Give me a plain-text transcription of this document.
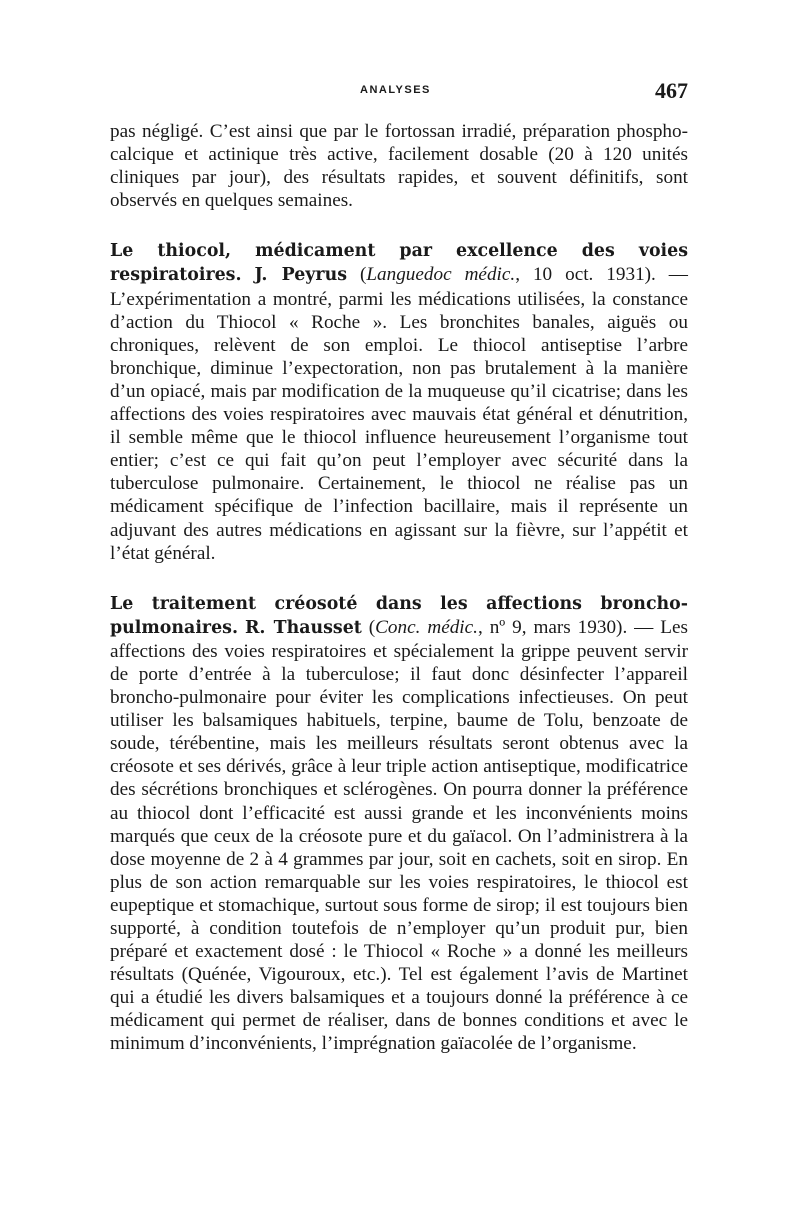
ANALYSES	467

pas négligé. C’est ainsi que par le fortossan irradié, préparation phospho-calcique et actinique très active, facilement dosable (20 à 120 unités cliniques par jour), des résultats rapides, et souvent définitifs, sont observés en quelques semaines.

Le thiocol, médicament par excellence des voies respiratoires. J. Peyrus (Languedoc médic., 10 oct. 1931). — L’expérimentation a montré, parmi les médications utilisées, la constance d’action du Thiocol « Roche ». Les bronchites banales, aiguës ou chroniques, relèvent de son emploi. Le thiocol antiseptise l’arbre bronchique, diminue l’expectoration, non pas brutalement à la manière d’un opiacé, mais par modification de la muqueuse qu’il cicatrise; dans les affections des voies respiratoires avec mauvais état général et dénutrition, il semble même que le thiocol influence heureusement l’organisme tout entier; c’est ce qui fait qu’on peut l’employer avec sécurité dans la tuberculose pulmonaire. Certainement, le thiocol ne réalise pas un médicament spécifique de l’infection bacillaire, mais il représente un adjuvant des autres médications en agissant sur la fièvre, sur l’appétit et l’état général.

Le traitement créosoté dans les affections broncho-pulmonaires. R. Thausset (Conc. médic., nº 9, mars 1930). — Les affections des voies respiratoires et spécialement la grippe peuvent servir de porte d’entrée à la tuberculose; il faut donc désinfecter l’appareil broncho-pulmonaire pour éviter les complications infectieuses. On peut utiliser les balsamiques habituels, terpine, baume de Tolu, benzoate de soude, térébentine, mais les meilleurs résultats seront obtenus avec la créosote et ses dérivés, grâce à leur triple action antiseptique, modificatrice des sécrétions bronchiques et sclérogènes. On pourra donner la préférence au thiocol dont l’efficacité est aussi grande et les inconvénients moins marqués que ceux de la créosote pure et du gaïacol. On l’administrera à la dose moyenne de 2 à 4 grammes par jour, soit en cachets, soit en sirop. En plus de son action remarquable sur les voies respiratoires, le thiocol est eupeptique et stomachique, surtout sous forme de sirop; il est toujours bien supporté, à condition toutefois de n’employer qu’un produit pur, bien préparé et exactement dosé : le Thiocol « Roche » a donné les meilleurs résultats (Quénée, Vigouroux, etc.). Tel est également l’avis de Martinet qui a étudié les divers balsamiques et a toujours donné la préférence à ce médicament qui permet de réaliser, dans de bonnes conditions et avec le minimum d’inconvénients, l’imprégnation gaïacolée de l’organisme.
